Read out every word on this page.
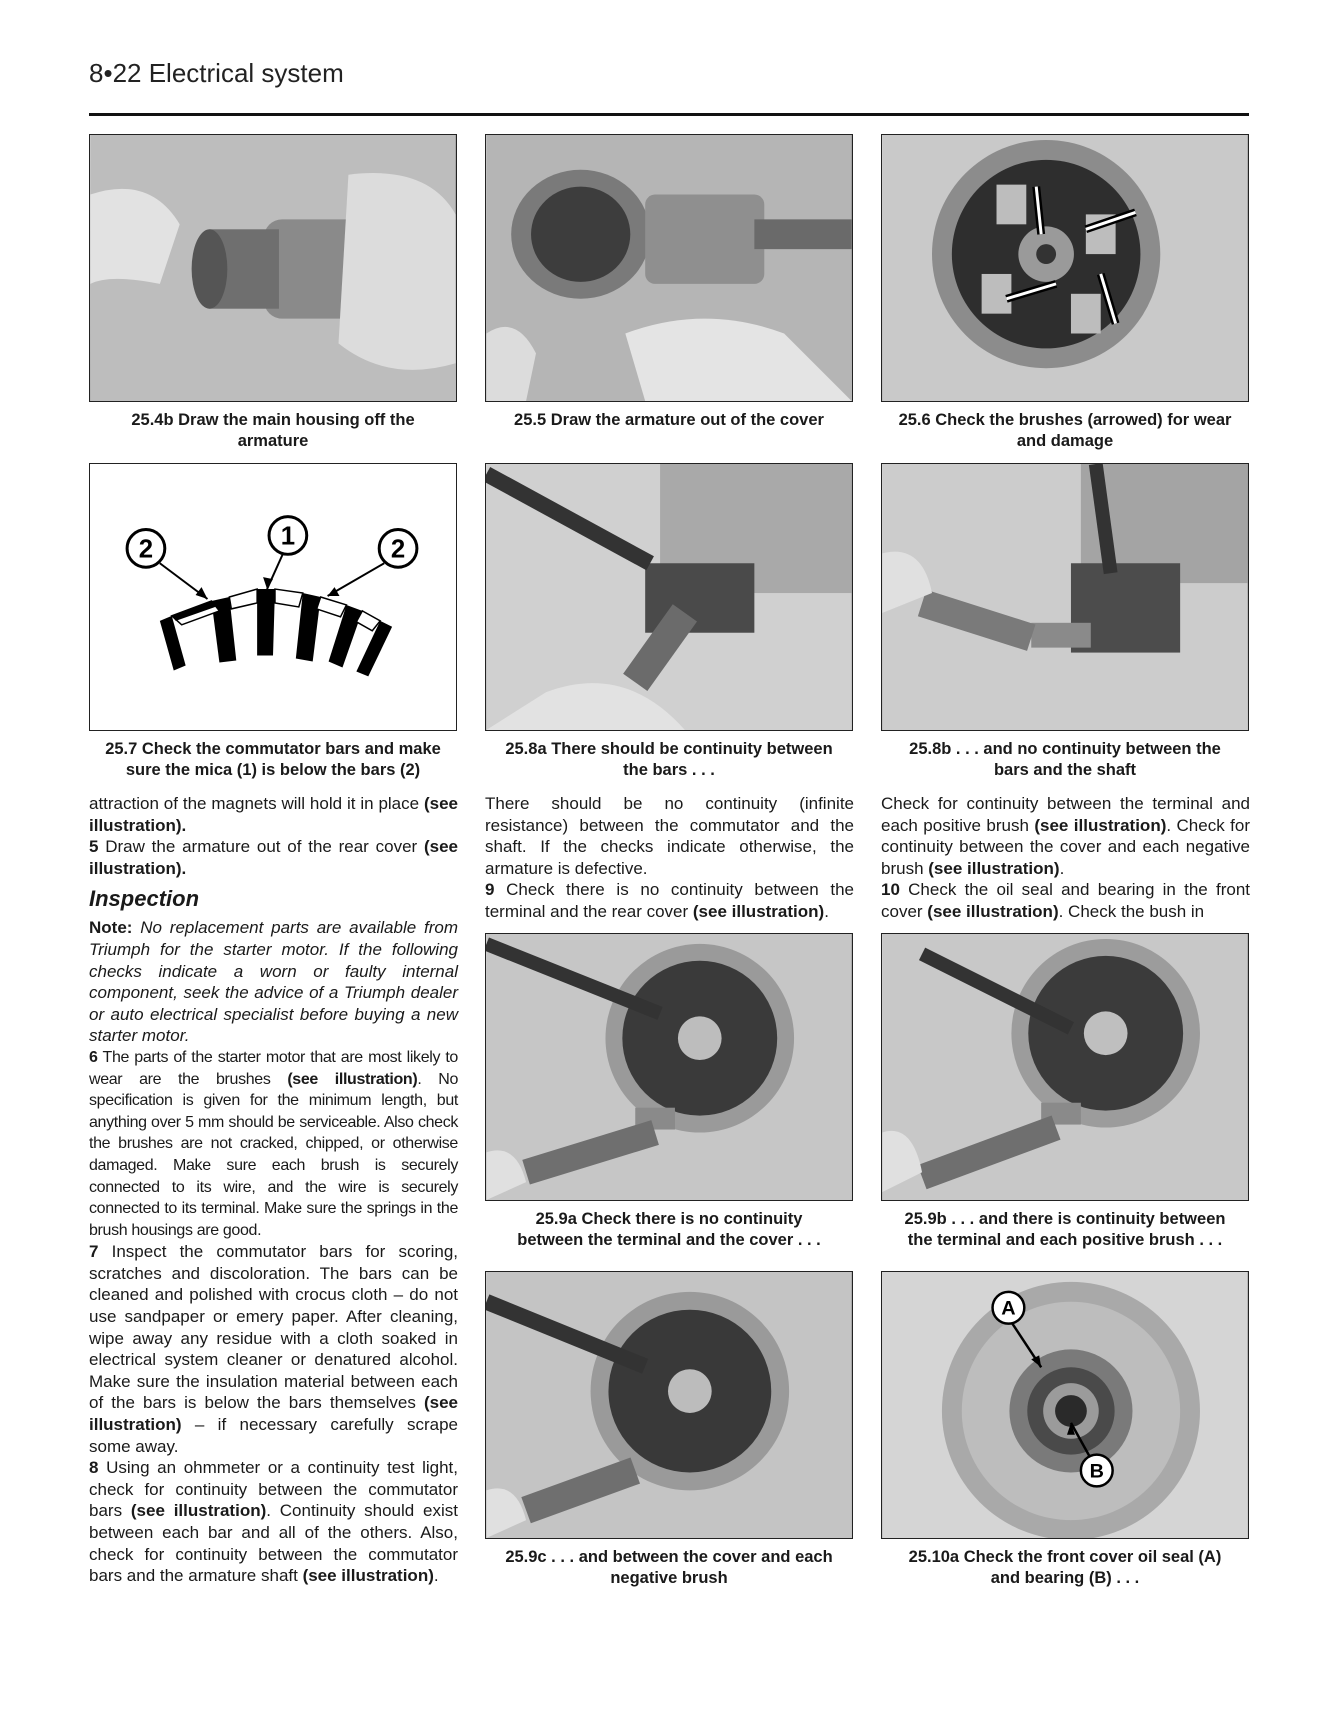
8•22 Electrical system
25.4b Draw the main housing off the
armature
25.5 Draw the armature out of the cover	25.6 Check the brushes (arrowed) for wear
and damage
2	1	2
25.7 Check the commutator bars and make
sure the mica (1) is below the bars (2)
25.8a There should be continuity between
the bars . . .
25.8b . . . and no continuity between the
bars and the shaft

attraction of the magnets will hold it in place (see illustration).

5 Draw the armature out of the rear cover (see illustration).

Inspection

Note: No replacement parts are available from Triumph for the starter motor. If the following checks indicate a worn or faulty internal component, seek the advice of a Triumph dealer or auto electrical specialist before buying a new starter motor.

6 The parts of the starter motor that are most likely to wear are the brushes (see illustration). No specification is given for the minimum length, but anything over 5 mm should be serviceable. Also check the brushes are not cracked, chipped, or otherwise damaged. Make sure each brush is securely connected to its wire, and the wire is securely connected to its terminal. Make sure the springs in the brush housings are good.

7 Inspect the commutator bars for scoring, scratches and discoloration. The bars can be cleaned and polished with crocus cloth – do not use sandpaper or emery paper. After cleaning, wipe away any residue with a cloth soaked in electrical system cleaner or denatured alcohol. Make sure the insulation material between each of the bars is below the bars themselves (see illustration) – if necessary carefully scrape some away.

8 Using an ohmmeter or a continuity test light, check for continuity between the commutator bars (see illustration). Continuity should exist between each bar and all of the others. Also, check for continuity between the commutator bars and the armature shaft (see illustration).

There should be no continuity (infinite resistance) between the commutator and the shaft. If the checks indicate otherwise, the armature is defective.

9 Check there is no continuity between the terminal and the rear cover (see illustration).

Check for continuity between the terminal and each positive brush (see illustration). Check for continuity between the cover and each negative brush (see illustration).

10 Check the oil seal and bearing in the front cover (see illustration). Check the bush in

25.9a Check there is no continuity
between the terminal and the cover . . .
25.9b . . . and there is continuity between
the terminal and each positive brush . . .
25.9c . . . and between the cover and each
negative brush
A
B
25.10a Check the front cover oil seal (A)
and bearing (B) . . .
